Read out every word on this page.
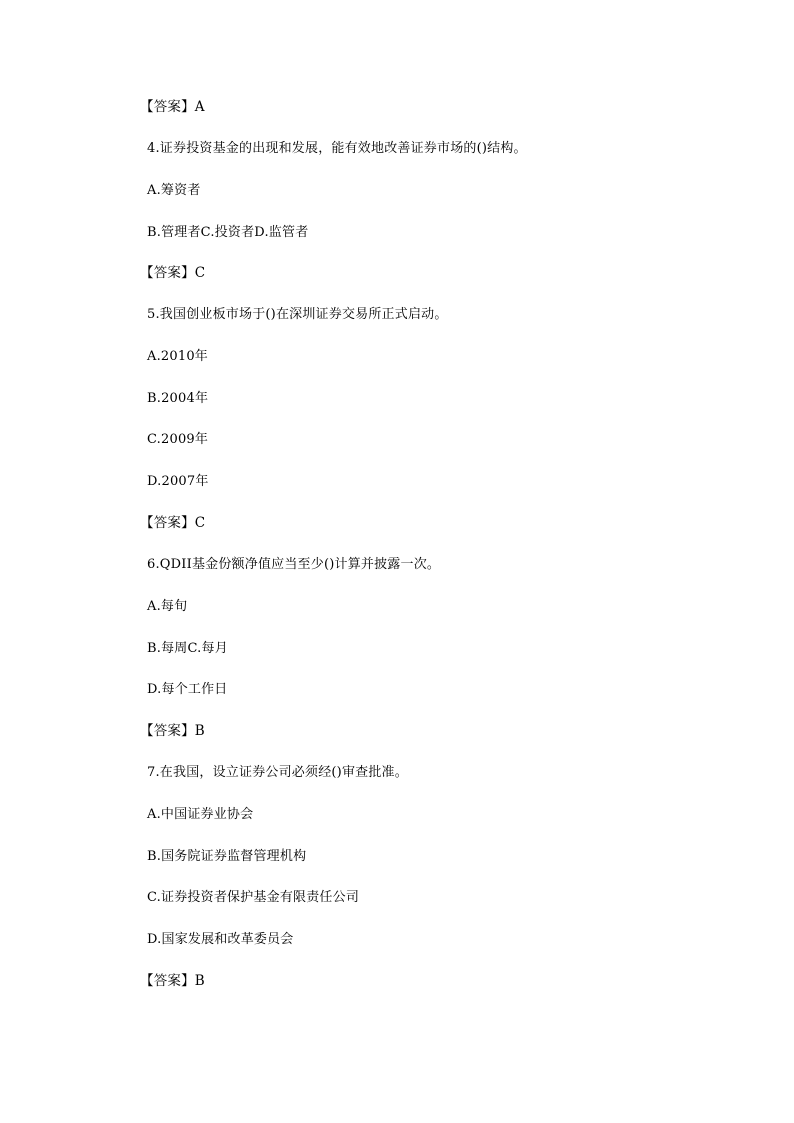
【答案】A

4.证券投资基金的出现和发展，能有效地改善证券市场的()结构。

A.筹资者

B.管理者C.投资者D.监管者

【答案】C

5.我国创业板市场于()在深圳证券交易所正式启动。

A.2010年

B.2004年

C.2009年

D.2007年

【答案】C

6.QDII基金份额净值应当至少()计算并披露一次。

A.每旬

B.每周C.每月

D.每个工作日

【答案】B

7.在我国，设立证券公司必须经()审查批准。

A.中国证券业协会

B.国务院证券监督管理机构

C.证券投资者保护基金有限责任公司

D.国家发展和改革委员会

【答案】B
